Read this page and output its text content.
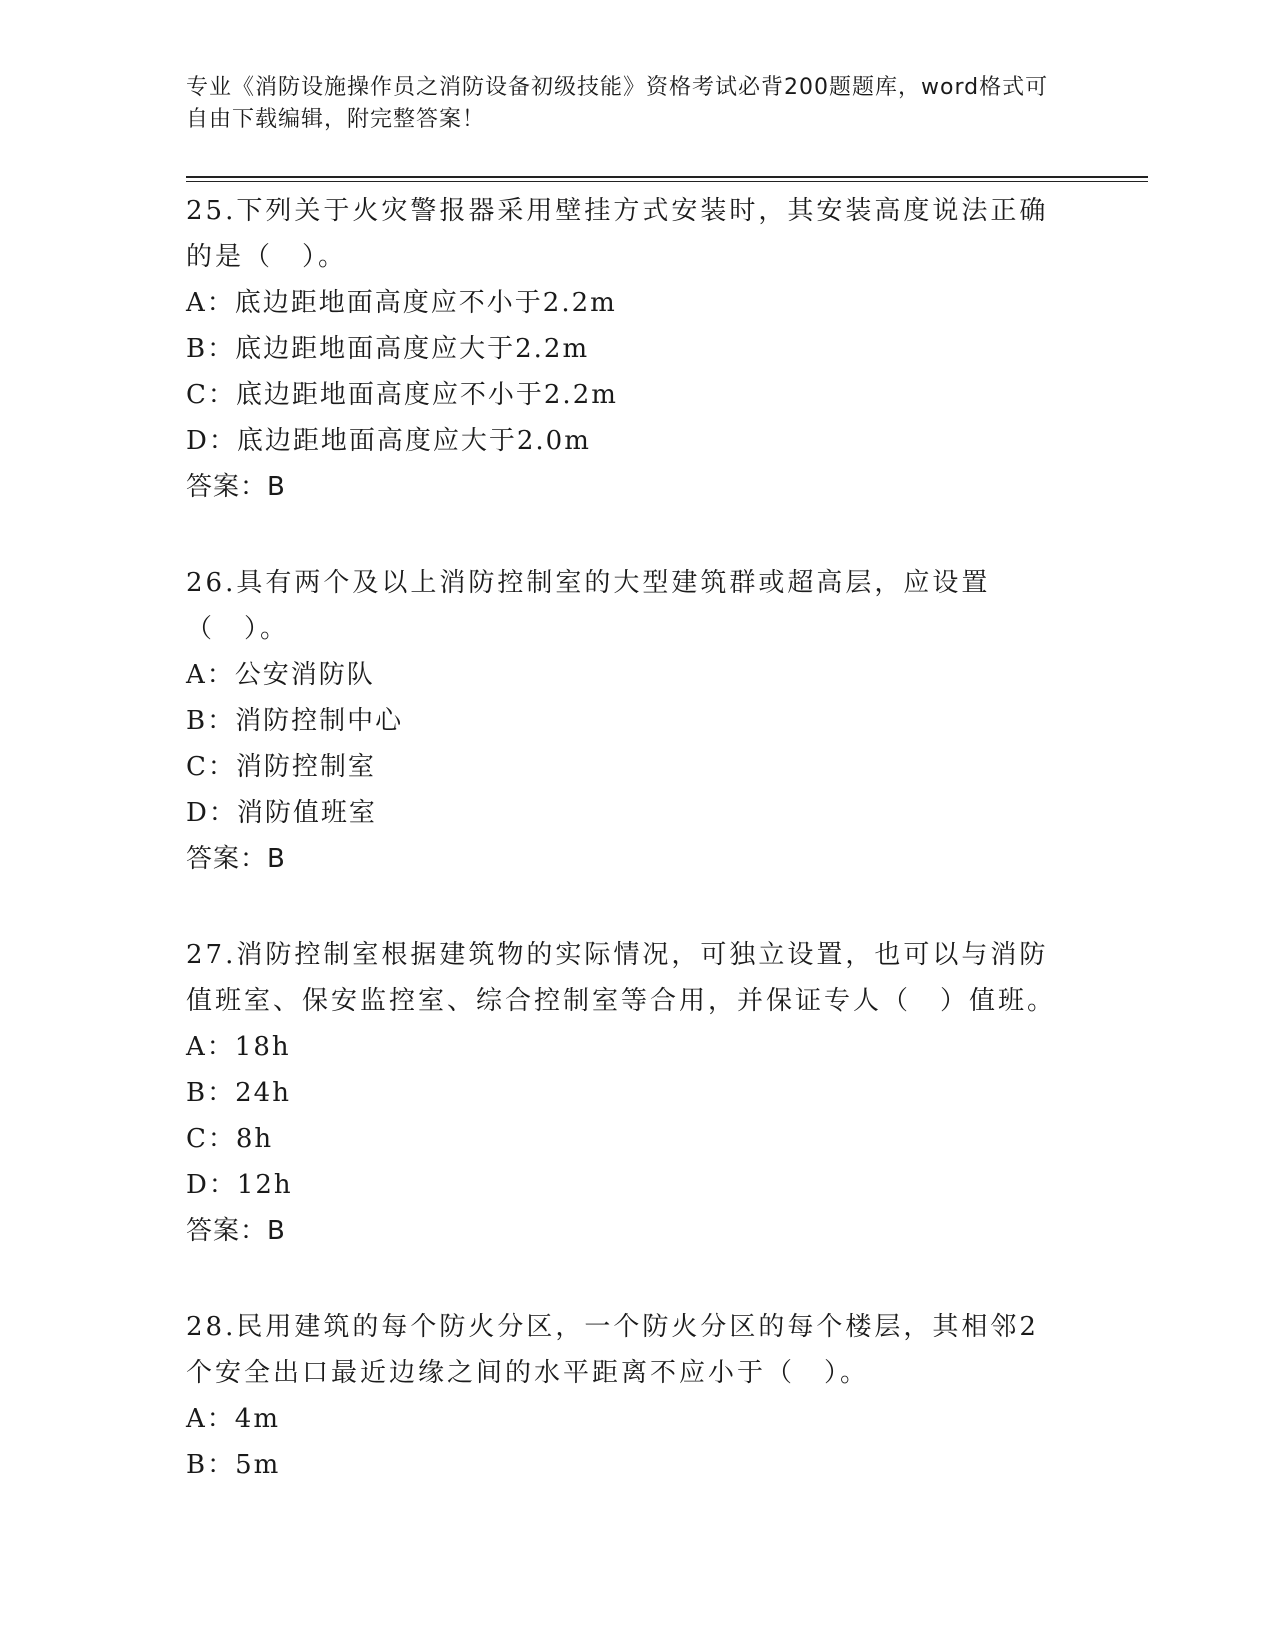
专业《消防设施操作员之消防设备初级技能》资格考试必背200题题库，word格式可自由下载编辑，附完整答案！

25.下列关于火灾警报器采用壁挂方式安装时，其安装高度说法正确的是（　）。

A：底边距地面高度应不小于2.2m

B：底边距地面高度应大于2.2m

C：底边距地面高度应不小于2.2m

D：底边距地面高度应大于2.0m

答案：B

26.具有两个及以上消防控制室的大型建筑群或超高层，应设置（　）。

A：公安消防队

B：消防控制中心

C：消防控制室

D：消防值班室

答案：B

27.消防控制室根据建筑物的实际情况，可独立设置，也可以与消防值班室、保安监控室、综合控制室等合用，并保证专人（　）值班。

A：18h

B：24h

C：8h

D：12h

答案：B

28.民用建筑的每个防火分区，一个防火分区的每个楼层，其相邻2个安全出口最近边缘之间的水平距离不应小于（　）。

A：4m

B：5m
